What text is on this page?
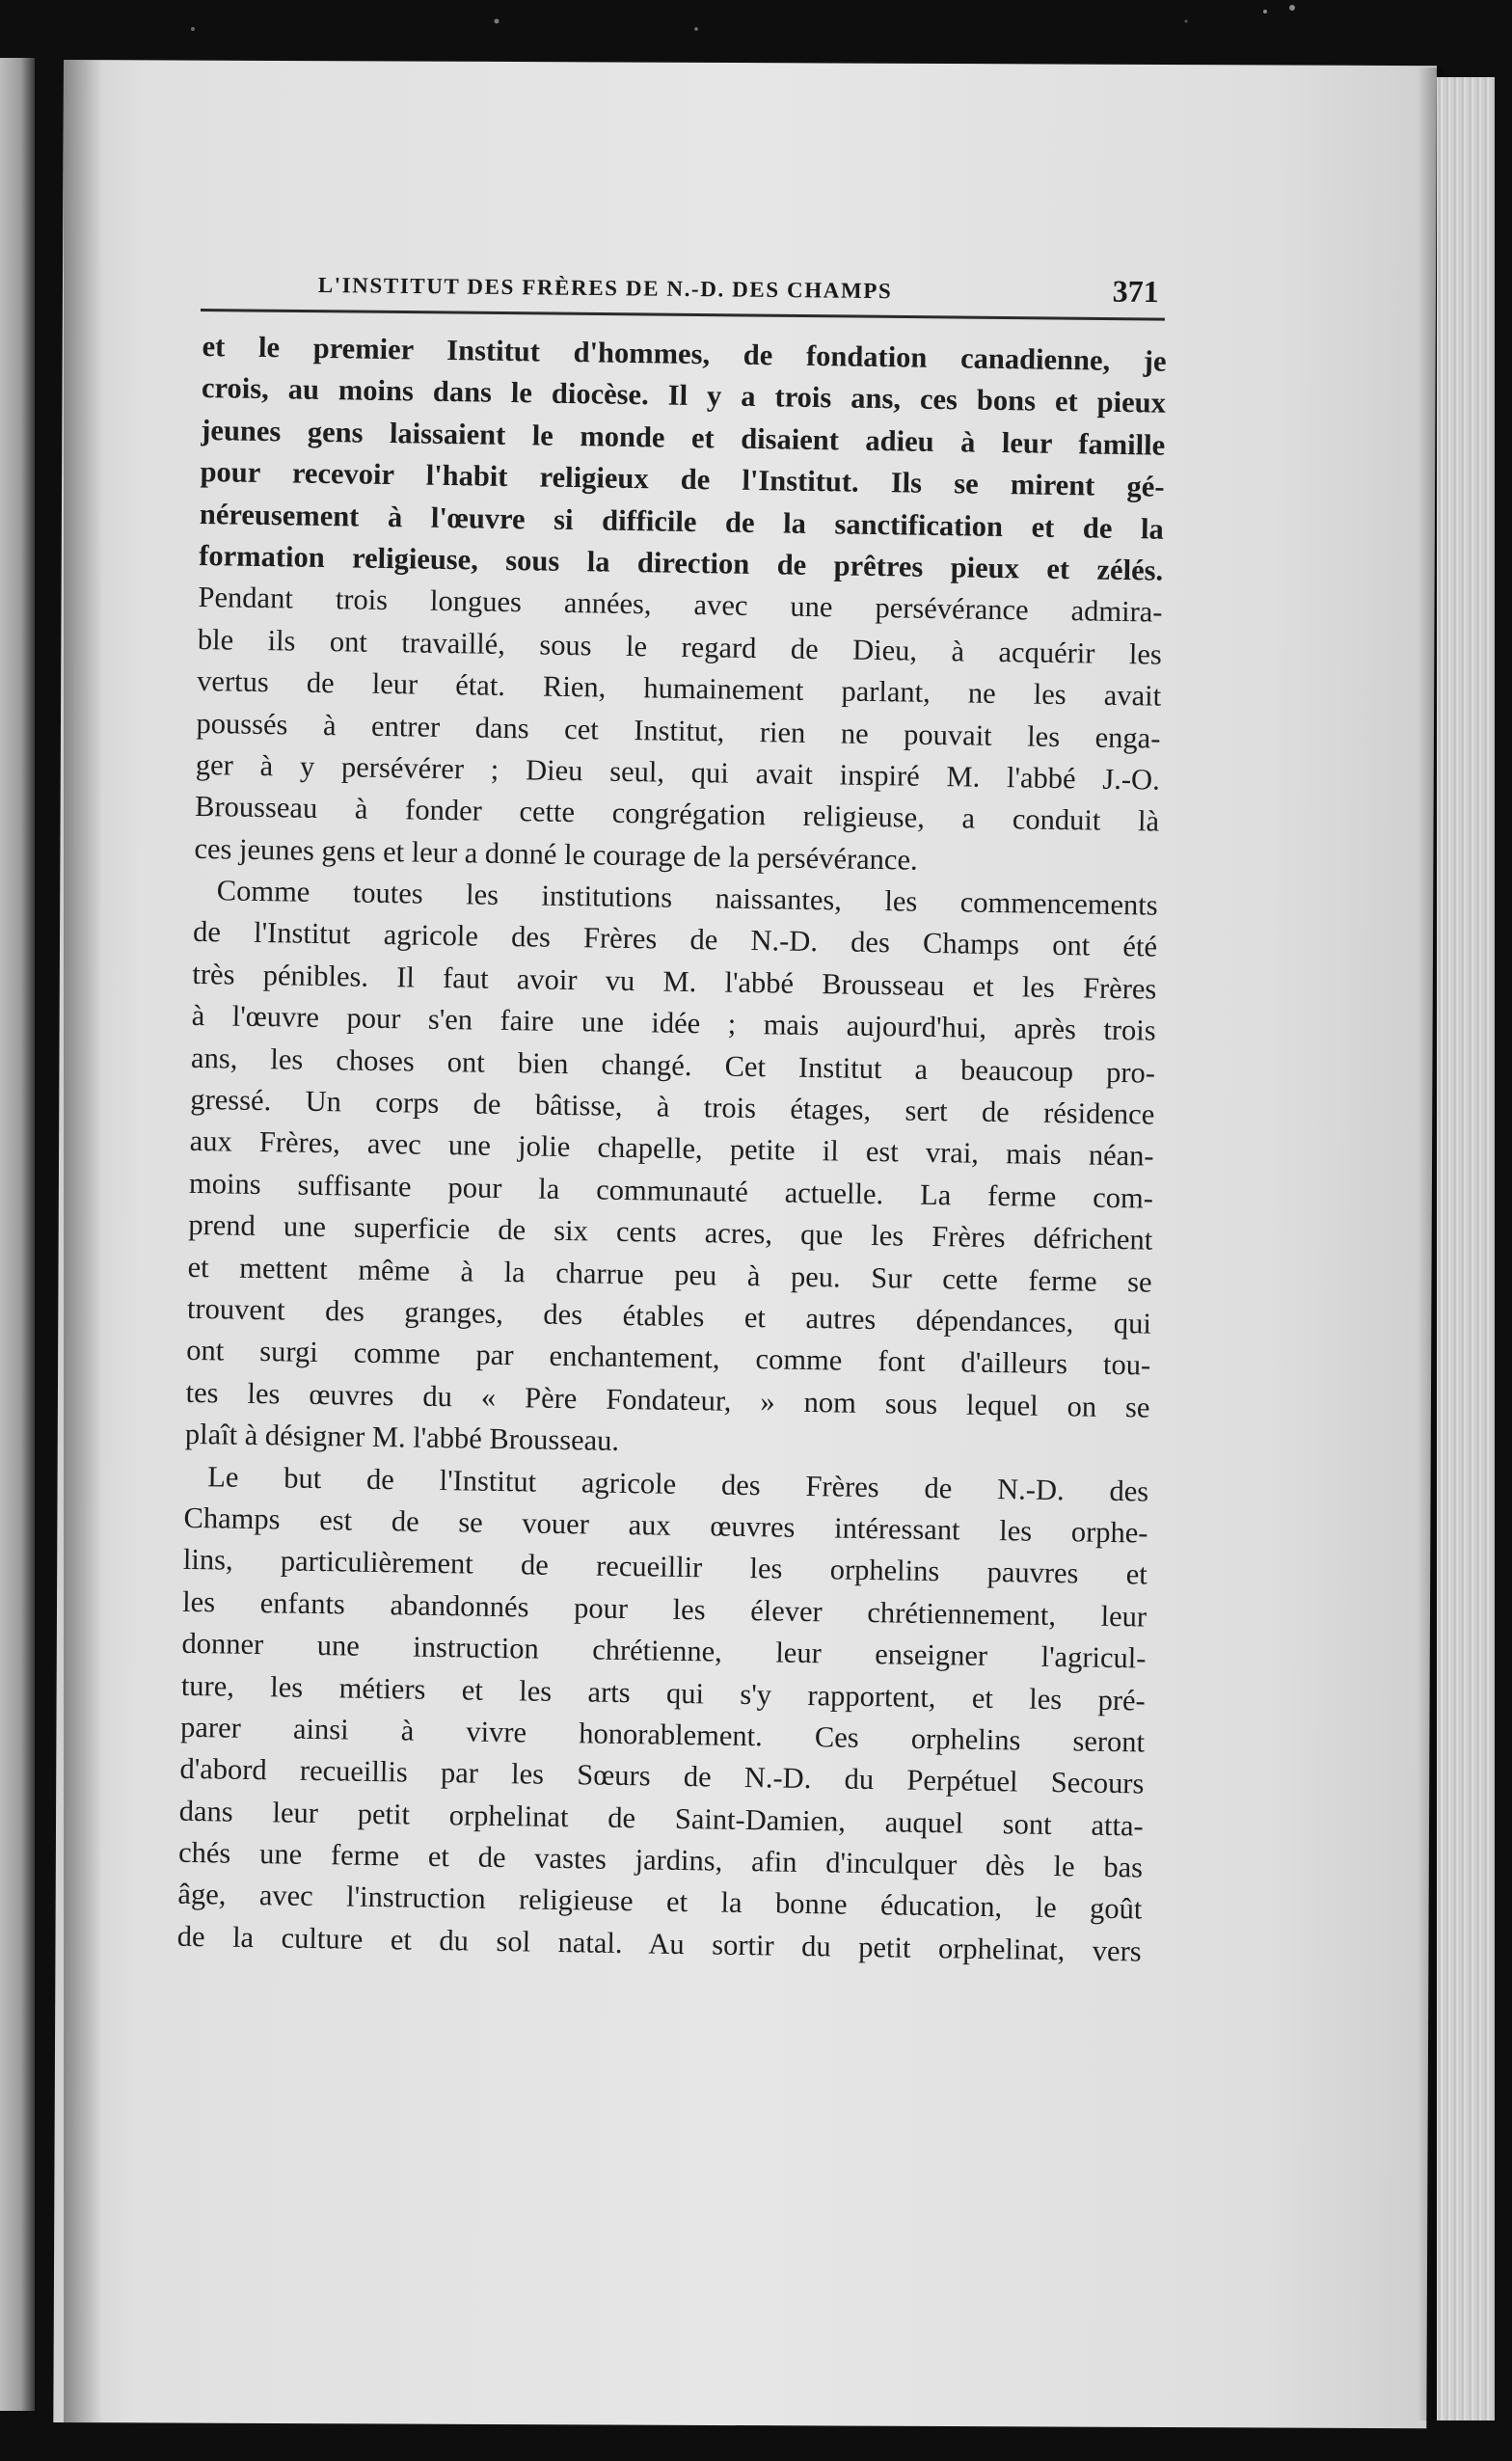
L'INSTITUT DES FRÈRES DE N.-D. DES CHAMPS	371
et le premier Institut d'hommes, de fondation canadienne, je
crois, au moins dans le diocèse. Il y a trois ans, ces bons et pieux
jeunes gens laissaient le monde et disaient adieu à leur famille
pour recevoir l'habit religieux de l'Institut. Ils se mirent gé-
néreusement à l'œuvre si difficile de la sanctification et de la
formation religieuse, sous la direction de prêtres pieux et zélés.
Pendant trois longues années, avec une persévérance admira-
ble ils ont travaillé, sous le regard de Dieu, à acquérir les
vertus de leur état. Rien, humainement parlant, ne les avait
poussés à entrer dans cet Institut, rien ne pouvait les enga-
ger à y persévérer ; Dieu seul, qui avait inspiré M. l'abbé J.-O.
Brousseau à fonder cette congrégation religieuse, a conduit là
ces jeunes gens et leur a donné le courage de la persévérance.
Comme toutes les institutions naissantes, les commencements
de l'Institut agricole des Frères de N.-D. des Champs ont été
très pénibles. Il faut avoir vu M. l'abbé Brousseau et les Frères
à l'œuvre pour s'en faire une idée ; mais aujourd'hui, après trois
ans, les choses ont bien changé. Cet Institut a beaucoup pro-
gressé. Un corps de bâtisse, à trois étages, sert de résidence
aux Frères, avec une jolie chapelle, petite il est vrai, mais néan-
moins suffisante pour la communauté actuelle. La ferme com-
prend une superficie de six cents acres, que les Frères défrichent
et mettent même à la charrue peu à peu. Sur cette ferme se
trouvent des granges, des étables et autres dépendances, qui
ont surgi comme par enchantement, comme font d'ailleurs tou-
tes les œuvres du « Père Fondateur, » nom sous lequel on se
plaît à désigner M. l'abbé Brousseau.
Le but de l'Institut agricole des Frères de N.-D. des
Champs est de se vouer aux œuvres intéressant les orphe-
lins, particulièrement de recueillir les orphelins pauvres et
les enfants abandonnés pour les élever chrétiennement, leur
donner une instruction chrétienne, leur enseigner l'agricul-
ture, les métiers et les arts qui s'y rapportent, et les pré-
parer ainsi à vivre honorablement. Ces orphelins seront
d'abord recueillis par les Sœurs de N.-D. du Perpétuel Secours
dans leur petit orphelinat de Saint-Damien, auquel sont atta-
chés une ferme et de vastes jardins, afin d'inculquer dès le bas
âge, avec l'instruction religieuse et la bonne éducation, le goût
de la culture et du sol natal. Au sortir du petit orphelinat, vers
